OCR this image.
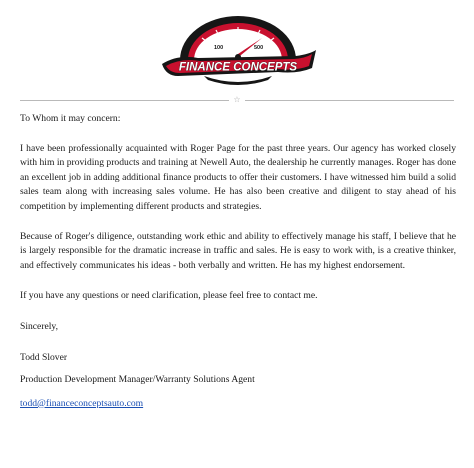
100	500
FINANCE CONCEPTS
☆

To Whom it may concern:

I have been professionally acquainted with Roger Page for the past three years. Our agency has worked closely with him in providing products and training at Newell Auto, the dealership he currently manages. Roger has done an excellent job in adding additional finance products to offer their customers. I have witnessed him build a solid sales team along with increasing sales volume. He has also been creative and diligent to stay ahead of his competition by implementing different products and strategies.

Because of Roger's diligence, outstanding work ethic and ability to effectively manage his staff, I believe that he is largely responsible for the dramatic increase in traffic and sales. He is easy to work with, is a creative thinker, and effectively communicates his ideas - both verbally and written. He has my highest endorsement.

If you have any questions or need clarification, please feel free to contact me.

Sincerely,

Todd Slover

Production Development Manager/Warranty Solutions Agent

todd@financeconceptsauto.com
